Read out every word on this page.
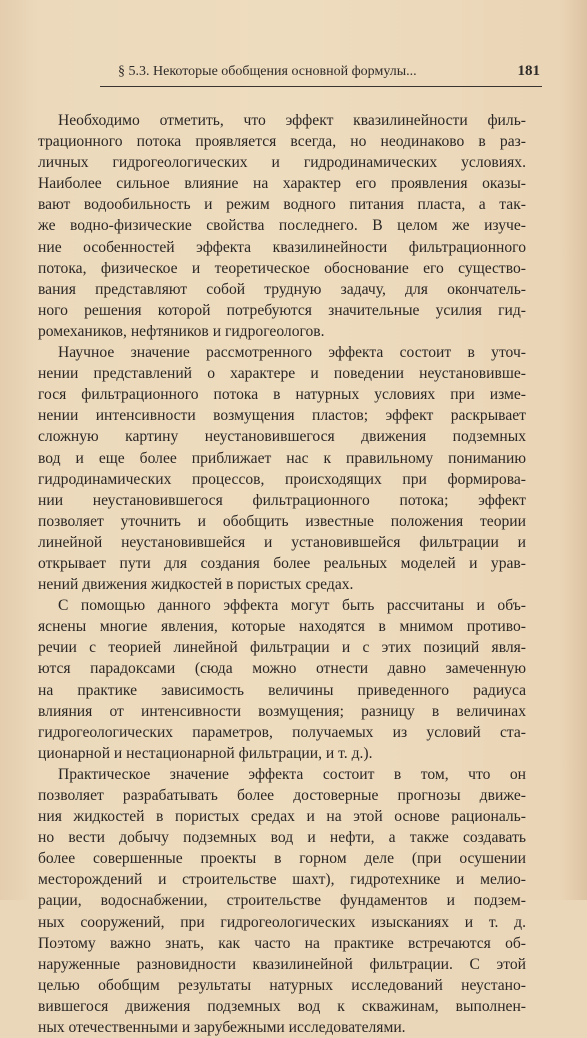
§ 5.3. Некоторые обобщения основной формулы...	181
Необходимо отметить, что эффект квазилинейности филь-
трационного потока проявляется всегда, но неодинаково в раз-
личных гидрогеологических и гидродинамических условиях.
Наиболее сильное влияние на характер его проявления оказы-
вают водообильность и режим водного питания пласта, а так-
же водно-физические свойства последнего. В целом же изуче-
ние особенностей эффекта квазилинейности фильтрационного
потока, физическое и теоретическое обоснование его существо-
вания представляют собой трудную задачу, для окончатель-
ного решения которой потребуются значительные усилия гид-
ромехаников, нефтяников и гидрогеологов.
Научное значение рассмотренного эффекта состоит в уточ-
нении представлений о характере и поведении неустановивше-
гося фильтрационного потока в натурных условиях при изме-
нении интенсивности возмущения пластов; эффект раскрывает
сложную картину неустановившегося движения подземных
вод и еще более приближает нас к правильному пониманию
гидродинамических процессов, происходящих при формирова-
нии неустановившегося фильтрационного потока; эффект
позволяет уточнить и обобщить известные положения теории
линейной неустановившейся и установившейся фильтрации и
открывает пути для создания более реальных моделей и урав-
нений движения жидкостей в пористых средах.
С помощью данного эффекта могут быть рассчитаны и объ-
яснены многие явления, которые находятся в мнимом противо-
речии с теорией линейной фильтрации и с этих позиций явля-
ются парадоксами (сюда можно отнести давно замеченную
на практике зависимость величины приведенного радиуса
влияния от интенсивности возмущения; разницу в величинах
гидрогеологических параметров, получаемых из условий ста-
ционарной и нестационарной фильтрации, и т. д.).
Практическое значение эффекта состоит в том, что он
позволяет разрабатывать более достоверные прогнозы движе-
ния жидкостей в пористых средах и на этой основе рациональ-
но вести добычу подземных вод и нефти, а также создавать
более совершенные проекты в горном деле (при осушении
месторождений и строительстве шахт), гидротехнике и мелио-
рации, водоснабжении, строительстве фундаментов и подзем-
ных сооружений, при гидрогеологических изысканиях и т. д.
Поэтому важно знать, как часто на практике встречаются об-
наруженные разновидности квазилинейной фильтрации. С этой
целью обобщим результаты натурных исследований неустано-
вившегося движения подземных вод к скважинам, выполнен-
ных отечественными и зарубежными исследователями.
